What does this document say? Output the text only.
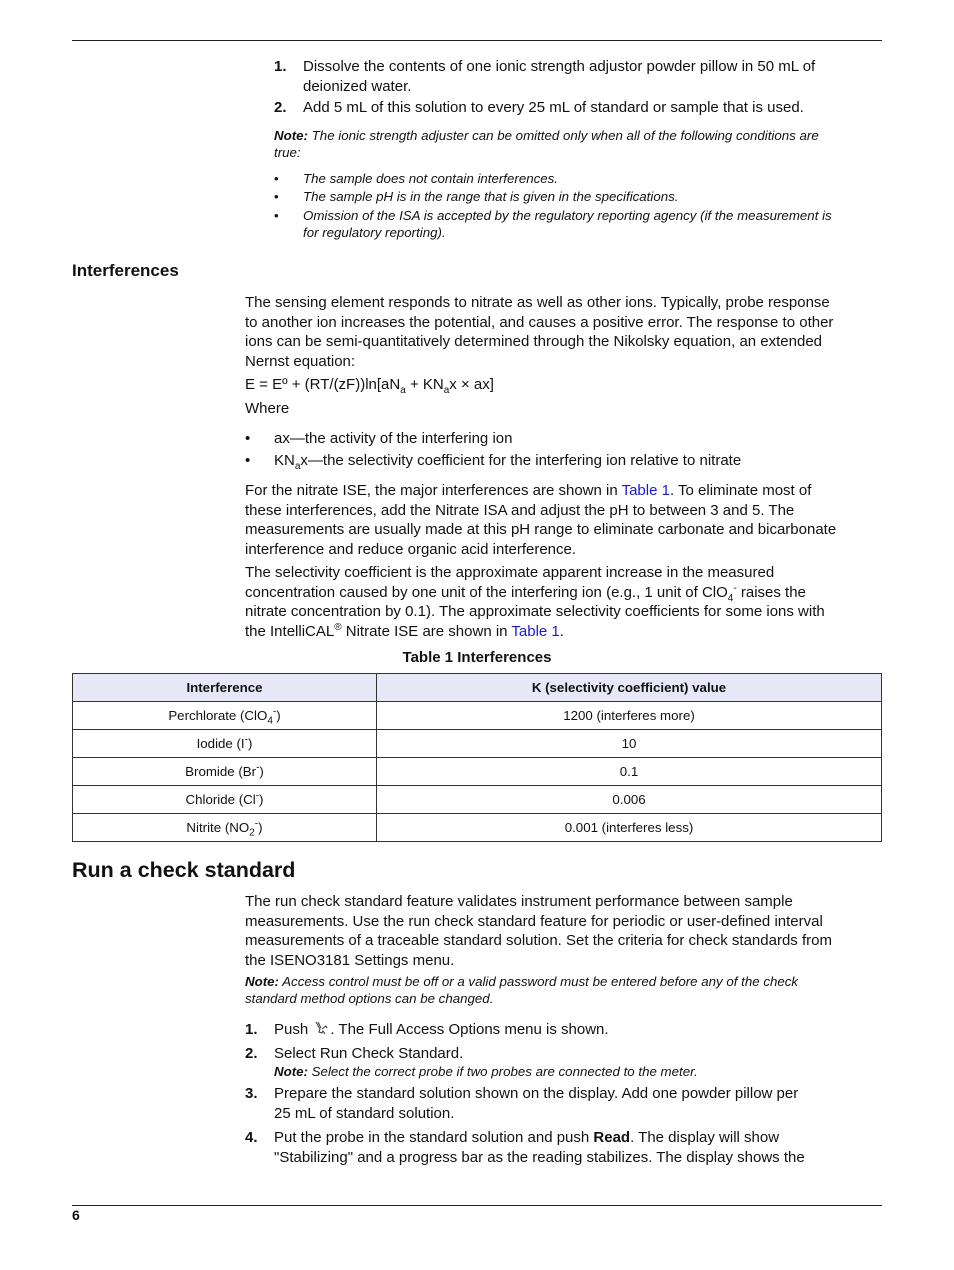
1. Dissolve the contents of one ionic strength adjustor powder pillow in 50 mL of
deionized water.
2. Add 5 mL of this solution to every 25 mL of standard or sample that is used.
Note: The ionic strength adjuster can be omitted only when all of the following conditions are
true:
• The sample does not contain interferences.
• The sample pH is in the range that is given in the specifications.
• Omission of the ISA is accepted by the regulatory reporting agency (if the measurement is
for regulatory reporting).
Interferences
The sensing element responds to nitrate as well as other ions. Typically, probe response
to another ion increases the potential, and causes a positive error. The response to other
ions can be semi-quantitatively determined through the Nikolsky equation, an extended
Nernst equation:
E = Eº + $(RT/(zF))\ln[aN_a + KN_ax \times ax]$
Where
• ax—the activity of the interfering ion
• $KN_ax—the$ selectivity coefficient for the interfering ion relative to nitrate
For the nitrate ISE, the major interferences are shown in Table 1. To eliminate most of
these interferences, add the Nitrate ISA and adjust the pH to between 3 and 5. The
measurements are usually made at this pH range to eliminate carbonate and bicarbonate
interference and reduce organic acid interference.
The selectivity coefficient is the approximate apparent increase in the measured
concentration caused by one unit of the interfering ion (e.g., 1 unit of ClO$_4$- raises the
nitrate concentration by 0.1). The approximate selectivity coefficients for some ions with
the IntelliCAL® Nitrate ISE are shown in Table 1.
Table 1 Interferences
Interference	K (selectivity coefficient) value
Perchlorate (ClO$_4$-)	1200 (interferes more)
Iodide (I-)	10
Bromide (Br-)	0.1
Chloride (Cl-)	0.006
Nitrite $(NO_2^-)$	0.001 (interferes less)
Run a check standard
The run check standard feature validates instrument performance between sample
measurements. Use the run check standard feature for periodic or user-defined interval
measurements of a traceable standard solution. Set the criteria for check standards from
the ISENO3181 Settings menu.
Note: Access control must be off or a valid password must be entered before any of the check
standard method options can be changed.
1. Push . The Full Access Options menu is shown.
2. Select Run Check Standard.
Note: Select the correct probe if two probes are connected to the meter.
3. Prepare the standard solution shown on the display. Add one powder pillow per
25 mL of standard solution.
4. Put the probe in the standard solution and push Read. The display will show
"Stabilizing" and a progress bar as the reading stabilizes. The display shows the
6
